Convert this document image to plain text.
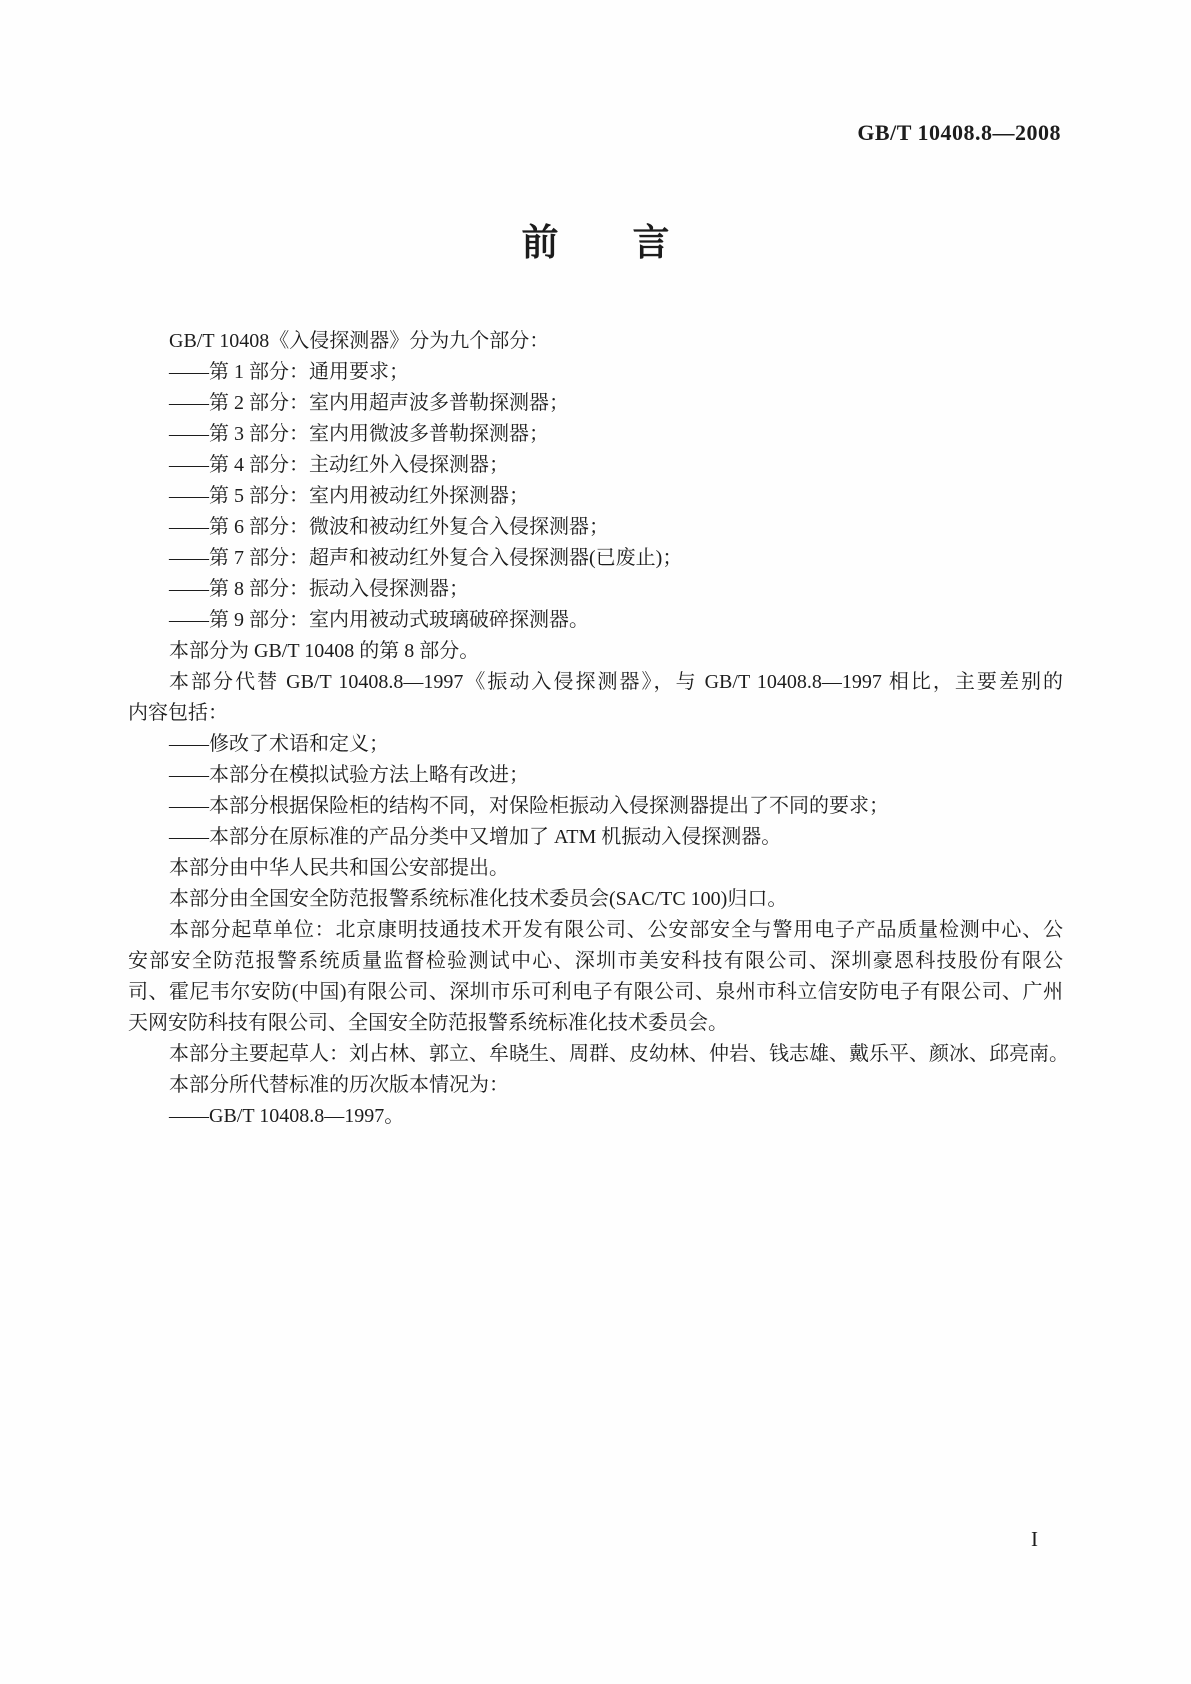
GB/T 10408.8—2008
前　　言
GB/T 10408《入侵探测器》分为九个部分：
——第 1 部分：通用要求；
——第 2 部分：室内用超声波多普勒探测器；
——第 3 部分：室内用微波多普勒探测器；
——第 4 部分：主动红外入侵探测器；
——第 5 部分：室内用被动红外探测器；
——第 6 部分：微波和被动红外复合入侵探测器；
——第 7 部分：超声和被动红外复合入侵探测器(已废止)；
——第 8 部分：振动入侵探测器；
——第 9 部分：室内用被动式玻璃破碎探测器。
本部分为 GB/T 10408 的第 8 部分。
本部分代替 GB/T 10408.8—1997《振动入侵探测器》，与 GB/T 10408.8—1997 相比，主要差别的
内容包括：
——修改了术语和定义；
——本部分在模拟试验方法上略有改进；
——本部分根据保险柜的结构不同，对保险柜振动入侵探测器提出了不同的要求；
——本部分在原标准的产品分类中又增加了 ATM 机振动入侵探测器。
本部分由中华人民共和国公安部提出。
本部分由全国安全防范报警系统标准化技术委员会(SAC/TC 100)归口。
本部分起草单位：北京康明技通技术开发有限公司、公安部安全与警用电子产品质量检测中心、公
安部安全防范报警系统质量监督检验测试中心、深圳市美安科技有限公司、深圳豪恩科技股份有限公
司、霍尼韦尔安防(中国)有限公司、深圳市乐可利电子有限公司、泉州市科立信安防电子有限公司、广州
天网安防科技有限公司、全国安全防范报警系统标准化技术委员会。
本部分主要起草人：刘占林、郭立、牟晓生、周群、皮幼林、仲岩、钱志雄、戴乐平、颜冰、邱亮南。
本部分所代替标准的历次版本情况为：
——GB/T 10408.8—1997。
I
